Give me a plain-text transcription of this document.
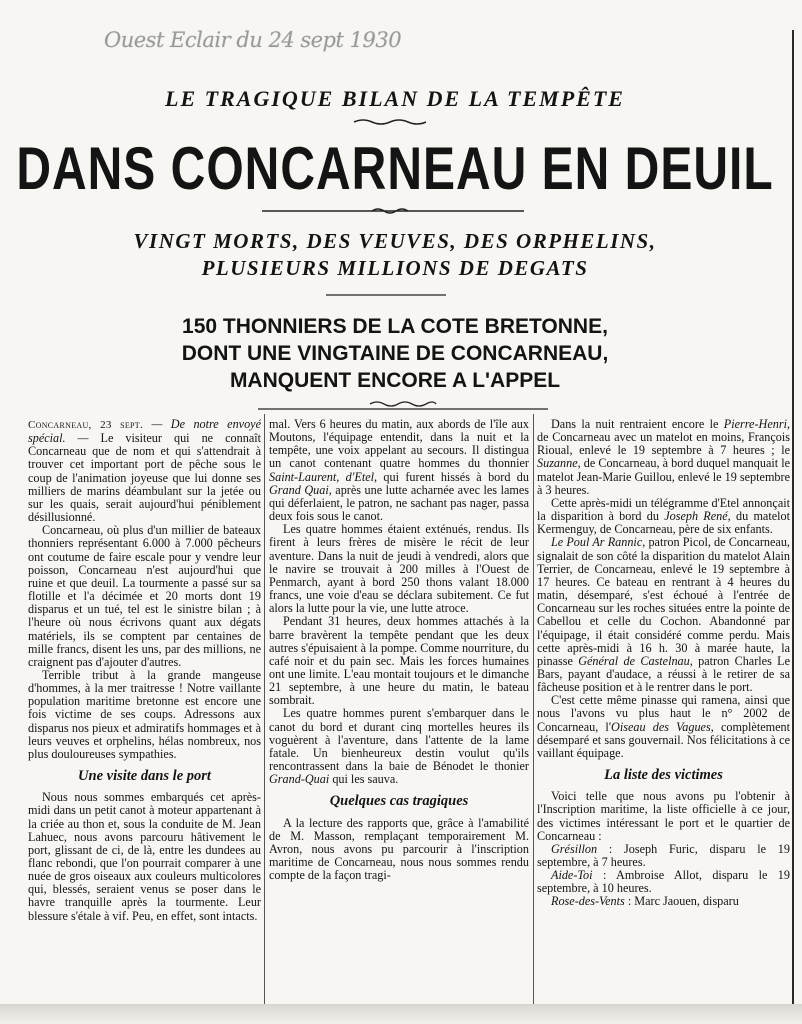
Ouest Eclair du 24 sept 1930
LE TRAGIQUE BILAN DE LA TEMPÊTE
DANS CONCARNEAU EN DEUIL
VINGT MORTS, DES VEUVES, DES ORPHELINS,
PLUSIEURS MILLIONS DE DEGATS
150 THONNIERS DE LA COTE BRETONNE,
DONT UNE VINGTAINE DE CONCARNEAU,
MANQUENT ENCORE A L'APPEL

Concarneau, 23 sept. — De notre envoyé spécial. — Le visiteur qui ne connaît Concarneau que de nom et qui s'attendrait à trouver cet important port de pêche sous le coup de l'animation joyeuse que lui donne ses milliers de marins déambulant sur la jetée ou sur les quais, serait aujourd'hui péniblement désillusionné.

Concarneau, où plus d'un millier de bateaux thonniers représentant 6.000 à 7.000 pêcheurs ont coutume de faire escale pour y vendre leur poisson, Concarneau n'est aujourd'hui que ruine et que deuil. La tourmente a passé sur sa flotille et l'a décimée et 20 morts dont 19 disparus et un tué, tel est le sinistre bilan ; à l'heure où nous écrivons quant aux dégats matériels, ils se comptent par centaines de mille francs, disent les uns, par des millions, ne craignent pas d'ajouter d'autres.

Terrible tribut à la grande mangeuse d'hommes, à la mer traitresse ! Notre vaillante population maritime bretonne est encore une fois victime de ses coups. Adressons aux disparus nos pieux et admiratifs hommages et à leurs veuves et orphelins, hélas nombreux, nos plus douloureuses sympathies.

Une visite dans le port

Nous nous sommes embarqués cet après-midi dans un petit canot à moteur appartenant à la criée au thon et, sous la conduite de M. Jean Lahuec, nous avons parcouru hâtivement le port, glissant de ci, de là, entre les dundees au flanc rebondi, que l'on pourrait comparer à une nuée de gros oiseaux aux couleurs multicolores qui, blessés, seraient venus se poser dans le havre tranquille après la tourmente. Leur blessure s'étale à vif. Peu, en effet, sont intacts.

mal. Vers 6 heures du matin, aux abords de l'île aux Moutons, l'équipage entendit, dans la nuit et la tempête, une voix appelant au secours. Il distingua un canot contenant quatre hommes du thonnier Saint-Laurent, d'Etel, qui furent hissés à bord du Grand Quai, après une lutte acharnée avec les lames qui déferlaient, le patron, ne sachant pas nager, passa deux fois sous le canot.

Les quatre hommes étaient exténués, rendus. Ils firent à leurs frères de misère le récit de leur aventure. Dans la nuit de jeudi à vendredi, alors que le navire se trouvait à 200 milles à l'Ouest de Penmarch, ayant à bord 250 thons valant 18.000 francs, une voie d'eau se déclara subitement. Ce fut alors la lutte pour la vie, une lutte atroce.

Pendant 31 heures, deux hommes attachés à la barre bravèrent la tempête pendant que les deux autres s'épuisaient à la pompe. Comme nourriture, du café noir et du pain sec. Mais les forces humaines ont une limite. L'eau montait toujours et le dimanche 21 septembre, à une heure du matin, le bateau sombrait.

Les quatre hommes purent s'embarquer dans le canot du bord et durant cinq mortelles heures ils voguèrent à l'aventure, dans l'attente de la lame fatale. Un bienheureux destin voulut qu'ils rencontrassent dans la baie de Bénodet le thonier Grand-Quai qui les sauva.

Quelques cas tragiques

A la lecture des rapports que, grâce à l'amabilité de M. Masson, remplaçant temporairement M. Avron, nous avons pu parcourir à l'inscription maritime de Concarneau, nous nous sommes rendu compte de la façon tragi-

Dans la nuit rentraient encore le Pierre-Henri, de Concarneau avec un matelot en moins, François Rioual, enlevé le 19 septembre à 7 heures ; le Suzanne, de Concarneau, à bord duquel manquait le matelot Jean-Marie Guillou, enlevé le 19 septembre à 3 heures.

Cette après-midi un télégramme d'Etel annonçait la disparition à bord du Joseph René, du matelot Kermenguy, de Concarneau, père de six enfants.

Le Poul Ar Rannic, patron Picol, de Concarneau, signalait de son côté la disparition du matelot Alain Terrier, de Concarneau, enlevé le 19 septembre à 17 heures. Ce bateau en rentrant à 4 heures du matin, désemparé, s'est échoué à l'entrée de Concarneau sur les roches situées entre la pointe de Cabellou et celle du Cochon. Abandonné par l'équipage, il était considéré comme perdu. Mais cette après-midi à 16 h. 30 à marée haute, la pinasse Général de Castelnau, patron Charles Le Bars, payant d'audace, a réussi à le retirer de sa fâcheuse position et à le rentrer dans le port.

C'est cette même pinasse qui ramena, ainsi que nous l'avons vu plus haut le n° 2002 de Concarneau, l'Oiseau des Vagues, complètement désemparé et sans gouvernail. Nos félicitations à ce vaillant équipage.

La liste des victimes

Voici telle que nous avons pu l'obtenir à l'Inscription maritime, la liste officielle à ce jour, des victimes intéressant le port et le quartier de Concarneau :

Grésillon : Joseph Furic, disparu le 19 septembre, à 7 heures.

Aide-Toi : Ambroise Allot, disparu le 19 septembre, à 10 heures.

Rose-des-Vents : Marc Jaouen, disparu
